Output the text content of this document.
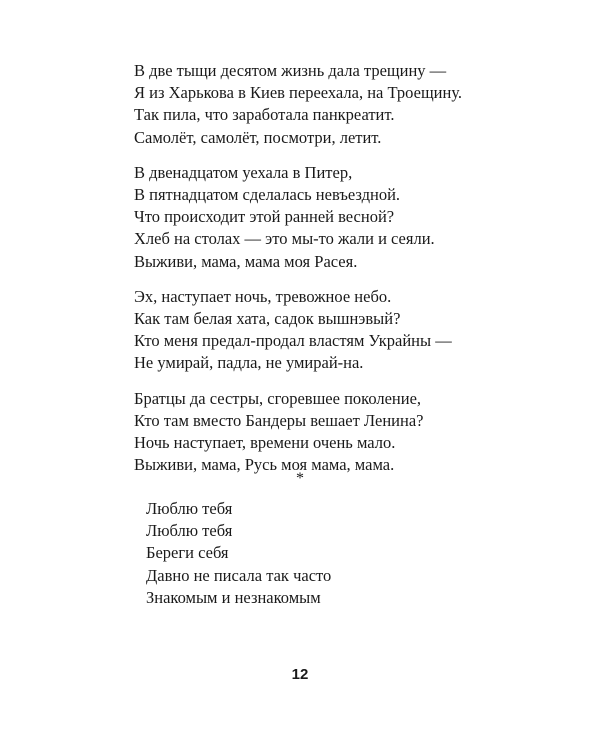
В две тыщи десятом жизнь дала трещину —
Я из Харькова в Киев переехала, на Троещину.
Так пила, что заработала панкреатит.
Самолёт, самолёт, посмотри, летит.
В двенадцатом уехала в Питер,
В пятнадцатом сделалась невъездной.
Что происходит этой ранней весной?
Хлеб на столах — это мы-то жали и сеяли.
Выживи, мама, мама моя Расея.
Эх, наступает ночь, тревожное небо.
Как там белая хата, садок вышнэвый?
Кто меня предал-продал властям Украйны —
Не умирай, падла, не умирай-на.
Братцы да сестры, сгоревшее поколение,
Кто там вместо Бандеры вешает Ленина?
Ночь наступает, времени очень мало.
Выживи, мама, Русь моя мама, мама.
*
Люблю тебя
Люблю тебя
Береги себя
Давно не писала так часто
Знакомым и незнакомым
12
